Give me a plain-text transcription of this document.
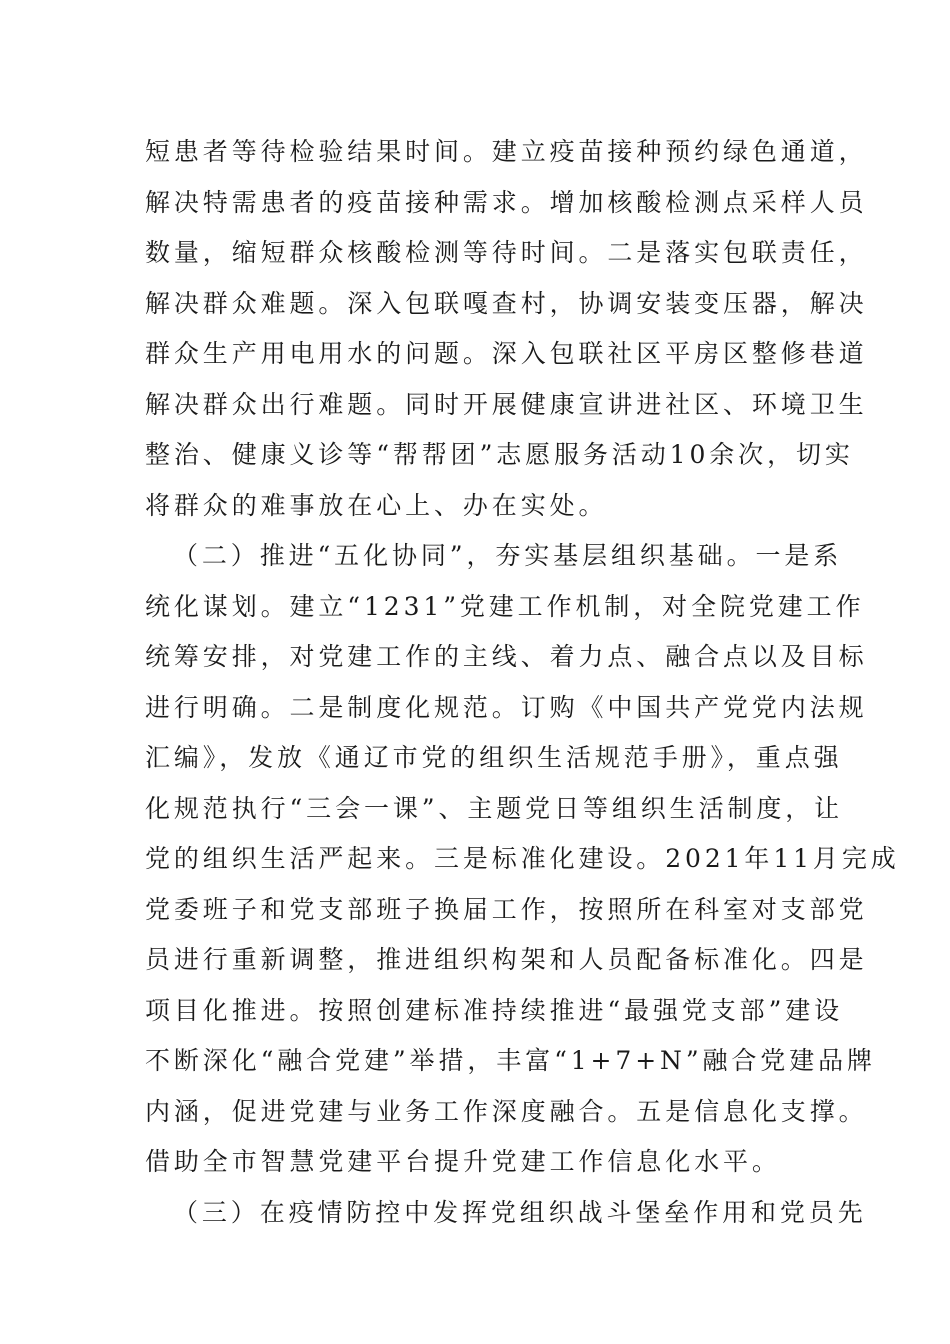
短患者等待检验结果时间。建立疫苗接种预约绿色通道，
解决特需患者的疫苗接种需求。增加核酸检测点采样人员
数量，缩短群众核酸检测等待时间。二是落实包联责任，
解决群众难题。深入包联嘎查村，协调安装变压器，解决
群众生产用电用水的问题。深入包联社区平房区整修巷道
解决群众出行难题。同时开展健康宣讲进社区、环境卫生
整治、健康义诊等“帮帮团”志愿服务活动10余次，切实
将群众的难事放在心上、办在实处。
（二）推进“五化协同”，夯实基层组织基础。一是系
统化谋划。建立“1231”党建工作机制，对全院党建工作
统筹安排，对党建工作的主线、着力点、融合点以及目标
进行明确。二是制度化规范。订购《中国共产党党内法规
汇编》，发放《通辽市党的组织生活规范手册》，重点强
化规范执行“三会一课”、主题党日等组织生活制度，让
党的组织生活严起来。三是标准化建设。2021年11月完成
党委班子和党支部班子换届工作，按照所在科室对支部党
员进行重新调整，推进组织构架和人员配备标准化。四是
项目化推进。按照创建标准持续推进“最强党支部”建设
不断深化“融合党建”举措，丰富“1+7+N”融合党建品牌
内涵，促进党建与业务工作深度融合。五是信息化支撑。
借助全市智慧党建平台提升党建工作信息化水平。
（三）在疫情防控中发挥党组织战斗堡垒作用和党员先
